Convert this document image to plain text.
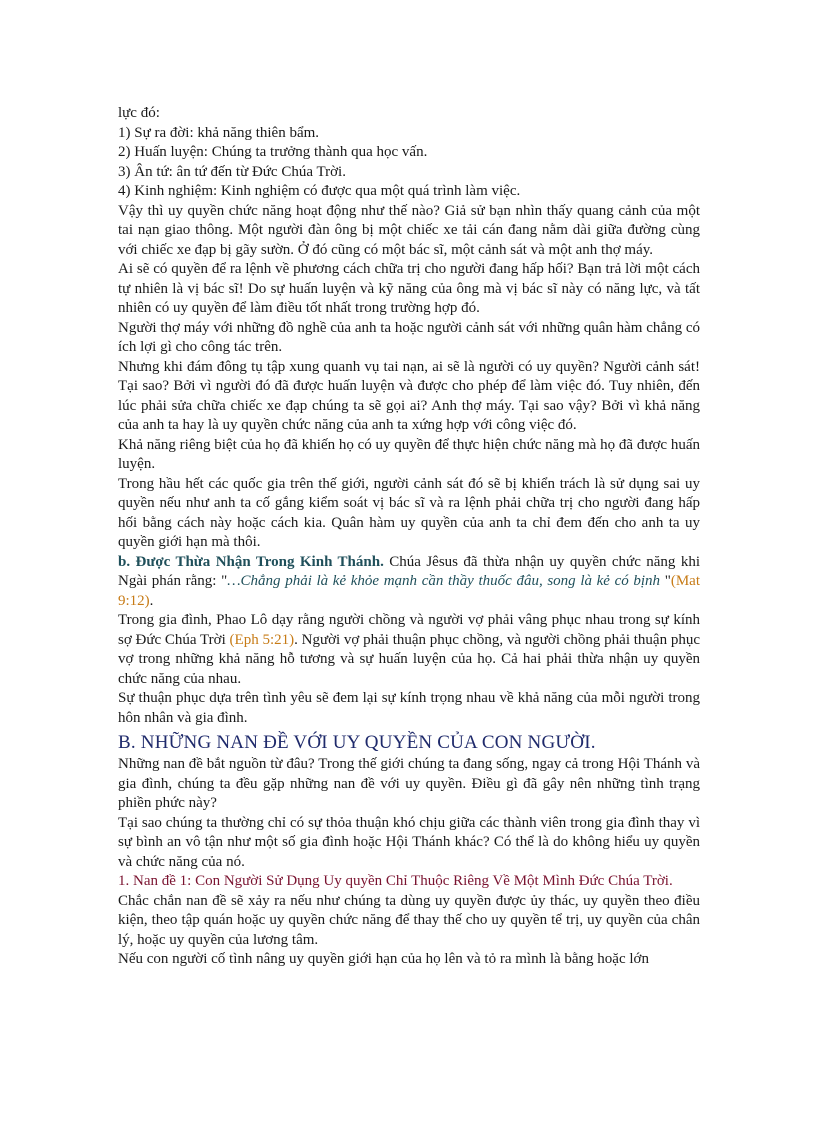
lực đó:

1) Sự ra đời: khả năng thiên bẩm.

2) Huấn luyện: Chúng ta trưởng thành qua học vấn.

3) Ân tứ: ân tứ đến từ Đức Chúa Trời.

4) Kinh nghiệm: Kinh nghiệm có được qua một quá trình làm việc.

Vậy thì uy quyền chức năng hoạt động như thế nào? Giả sử bạn nhìn thấy quang cảnh của một tai nạn giao thông. Một người đàn ông bị một chiếc xe tải cán đang nằm dài giữa đường cùng với chiếc xe đạp bị gãy sườn. Ở đó cũng có một bác sĩ, một cảnh sát và một anh thợ máy.

Ai sẽ có quyền để ra lệnh về phương cách chữa trị cho người đang hấp hối? Bạn trả lời một cách tự nhiên là vị bác sĩ! Do sự huấn luyện và kỹ năng của ông mà vị bác sĩ này có năng lực, và tất nhiên có uy quyền để làm điều tốt nhất trong trường hợp đó.

Người thợ máy với những đồ nghề của anh ta hoặc người cảnh sát với những quân hàm chẳng có ích lợi gì cho công tác trên.

Nhưng khi đám đông tụ tập xung quanh vụ tai nạn, ai sẽ là người có uy quyền? Người cảnh sát! Tại sao? Bởi vì người đó đã được huấn luyện và được cho phép để làm việc đó. Tuy nhiên, đến lúc phải sửa chữa chiếc xe đạp chúng ta sẽ gọi ai? Anh thợ máy. Tại sao vậy? Bởi vì khả năng của anh ta hay là uy quyền chức năng của anh ta xứng hợp với công việc đó.

Khả năng riêng biệt của họ đã khiến họ có uy quyền để thực hiện chức năng mà họ đã được huấn luyện.

Trong hầu hết các quốc gia trên thế giới, người cảnh sát đó sẽ bị khiển trách là sử dụng sai uy quyền nếu như anh ta cố gắng kiểm soát vị bác sĩ và ra lệnh phải chữa trị cho người đang hấp hối bằng cách này hoặc cách kia. Quân hàm uy quyền của anh ta chỉ đem đến cho anh ta uy quyền giới hạn mà thôi.

b. Được Thừa Nhận Trong Kinh Thánh. Chúa Jêsus đã thừa nhận uy quyền chức năng khi Ngài phán rằng: "…Chẳng phải là kẻ khỏe mạnh cần thầy thuốc đâu, song là kẻ có bịnh "(Mat 9:12).

Trong gia đình, Phao Lô dạy rằng người chồng và người vợ phải vâng phục nhau trong sự kính sợ Đức Chúa Trời (Eph 5:21). Người vợ phải thuận phục chồng, và người chồng phải thuận phục vợ trong những khả năng hỗ tương và sự huấn luyện của họ. Cả hai phải thừa nhận uy quyền chức năng của nhau.

Sự thuận phục dựa trên tình yêu sẽ đem lại sự kính trọng nhau về khả năng của mỗi người trong hôn nhân và gia đình.

B. NHỮNG NAN ĐỀ VỚI UY QUYỀN CỦA CON NGƯỜI.

Những nan đề bắt nguồn từ đâu? Trong thế giới chúng ta đang sống, ngay cả trong Hội Thánh và gia đình, chúng ta đều gặp những nan đề với uy quyền. Điều gì đã gây nên những tình trạng phiền phức này?

Tại sao chúng ta thường chỉ có sự thỏa thuận khó chịu giữa các thành viên trong gia đình thay vì sự bình an vô tận như một số gia đình hoặc Hội Thánh khác? Có thể là do không hiểu uy quyền và chức năng của nó.

1. Nan đề 1: Con Người Sử Dụng Uy quyền Chỉ Thuộc Riêng Về Một Mình Đức Chúa Trời.

Chắc chắn nan đề sẽ xảy ra nếu như chúng ta dùng uy quyền được ủy thác, uy quyền theo điều kiện, theo tập quán hoặc uy quyền chức năng để thay thế cho uy quyền tể trị, uy quyền của chân lý, hoặc uy quyền của lương tâm.

Nếu con người cố tình nâng uy quyền giới hạn của họ lên và tỏ ra mình là bằng hoặc lớn
